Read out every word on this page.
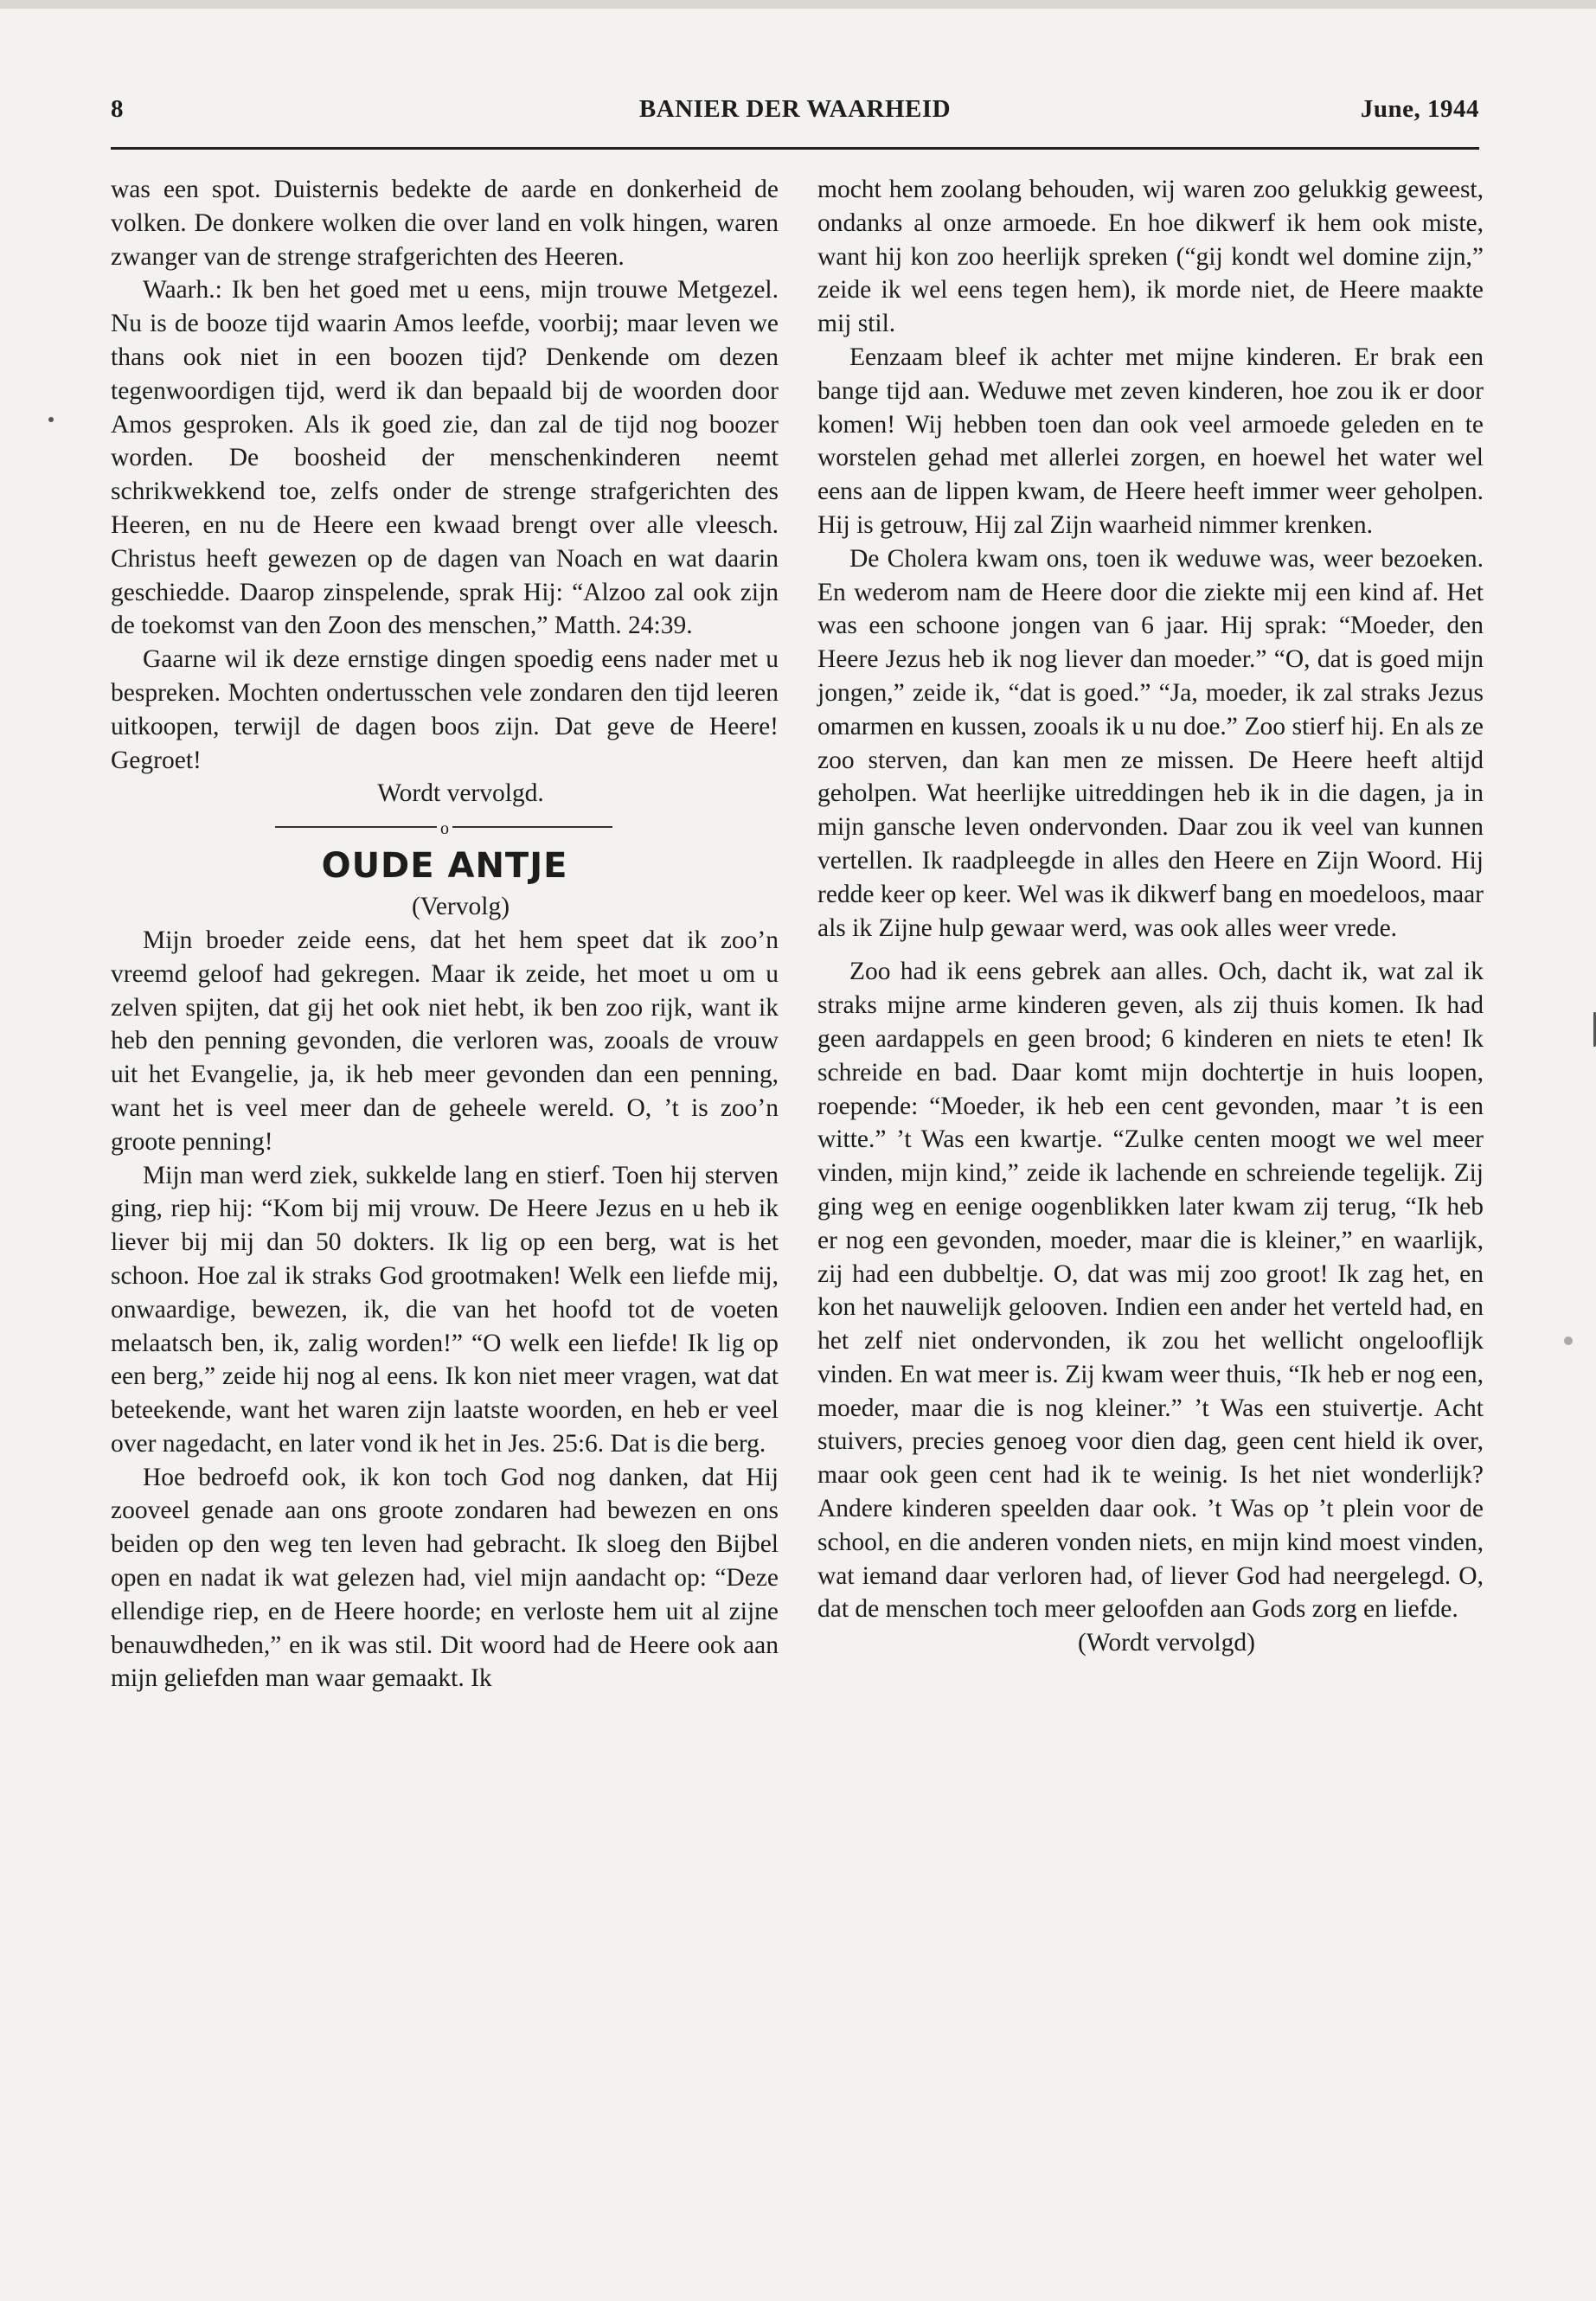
BANIER DER WAARHEID
8	June, 1944

was een spot. Duisternis bedekte de aarde en donkerheid de volken. De donkere wolken die over land en volk hingen, waren zwanger van de strenge strafgerichten des Heeren.

Waarh.: Ik ben het goed met u eens, mijn trouwe Metgezel. Nu is de booze tijd waarin Amos leefde, voorbij; maar leven we thans ook niet in een boozen tijd? Denkende om dezen tegenwoordigen tijd, werd ik dan bepaald bij de woorden door Amos gesproken. Als ik goed zie, dan zal de tijd nog boozer worden. De boosheid der menschenkinderen neemt schrikwekkend toe, zelfs onder de strenge strafgerichten des Heeren, en nu de Heere een kwaad brengt over alle vleesch. Christus heeft gewezen op de dagen van Noach en wat daarin geschiedde. Daarop zinspelende, sprak Hij: “Alzoo zal ook zijn de toekomst van den Zoon des menschen,” Matth. 24:39.

Gaarne wil ik deze ernstige dingen spoedig eens nader met u bespreken. Mochten ondertusschen vele zondaren den tijd leeren uitkoopen, terwijl de dagen boos zijn. Dat geve de Heere! Gegroet!

Wordt vervolgd.

o
OUDE ANTJE

(Vervolg)

Mijn broeder zeide eens, dat het hem speet dat ik zoo’n vreemd geloof had gekregen. Maar ik zeide, het moet u om u zelven spijten, dat gij het ook niet hebt, ik ben zoo rijk, want ik heb den penning gevonden, die verloren was, zooals de vrouw uit het Evangelie, ja, ik heb meer gevonden dan een penning, want het is veel meer dan de geheele wereld. O, ’t is zoo’n groote penning!

Mijn man werd ziek, sukkelde lang en stierf. Toen hij sterven ging, riep hij: “Kom bij mij vrouw. De Heere Jezus en u heb ik liever bij mij dan 50 dokters. Ik lig op een berg, wat is het schoon. Hoe zal ik straks God grootmaken! Welk een liefde mij, onwaardige, bewezen, ik, die van het hoofd tot de voeten melaatsch ben, ik, zalig worden!” “O welk een liefde! Ik lig op een berg,” zeide hij nog al eens. Ik kon niet meer vragen, wat dat beteekende, want het waren zijn laatste woorden, en heb er veel over nagedacht, en later vond ik het in Jes. 25:6. Dat is die berg.

Hoe bedroefd ook, ik kon toch God nog danken, dat Hij zooveel genade aan ons groote zondaren had bewezen en ons beiden op den weg ten leven had gebracht. Ik sloeg den Bijbel open en nadat ik wat gelezen had, viel mijn aandacht op: “Deze ellendige riep, en de Heere hoorde; en verloste hem uit al zijne benauwdheden,” en ik was stil. Dit woord had de Heere ook aan mijn geliefden man waar gemaakt. Ik

mocht hem zoolang behouden, wij waren zoo gelukkig geweest, ondanks al onze armoede. En hoe dikwerf ik hem ook miste, want hij kon zoo heerlijk spreken (“gij kondt wel domine zijn,” zeide ik wel eens tegen hem), ik morde niet, de Heere maakte mij stil.

Eenzaam bleef ik achter met mijne kinderen. Er brak een bange tijd aan. Weduwe met zeven kinderen, hoe zou ik er door komen! Wij hebben toen dan ook veel armoede geleden en te worstelen gehad met allerlei zorgen, en hoewel het water wel eens aan de lippen kwam, de Heere heeft immer weer geholpen. Hij is getrouw, Hij zal Zijn waarheid nimmer krenken.

De Cholera kwam ons, toen ik weduwe was, weer bezoeken. En wederom nam de Heere door die ziekte mij een kind af. Het was een schoone jongen van 6 jaar. Hij sprak: “Moeder, den Heere Jezus heb ik nog liever dan moeder.” “O, dat is goed mijn jongen,” zeide ik, “dat is goed.” “Ja, moeder, ik zal straks Jezus omarmen en kussen, zooals ik u nu doe.” Zoo stierf hij. En als ze zoo sterven, dan kan men ze missen. De Heere heeft altijd geholpen. Wat heerlijke uitreddingen heb ik in die dagen, ja in mijn gansche leven ondervonden. Daar zou ik veel van kunnen vertellen. Ik raadpleegde in alles den Heere en Zijn Woord. Hij redde keer op keer. Wel was ik dikwerf bang en moedeloos, maar als ik Zijne hulp gewaar werd, was ook alles weer vrede.

Zoo had ik eens gebrek aan alles. Och, dacht ik, wat zal ik straks mijne arme kinderen geven, als zij thuis komen. Ik had geen aardappels en geen brood; 6 kinderen en niets te eten! Ik schreide en bad. Daar komt mijn dochtertje in huis loopen, roepende: “Moeder, ik heb een cent gevonden, maar ’t is een witte.” ’t Was een kwartje. “Zulke centen moogt we wel meer vinden, mijn kind,” zeide ik lachende en schreiende tegelijk. Zij ging weg en eenige oogenblikken later kwam zij terug, “Ik heb er nog een gevonden, moeder, maar die is kleiner,” en waarlijk, zij had een dubbeltje. O, dat was mij zoo groot! Ik zag het, en kon het nauwelijk gelooven. Indien een ander het verteld had, en het zelf niet ondervonden, ik zou het wellicht ongelooflijk vinden. En wat meer is. Zij kwam weer thuis, “Ik heb er nog een, moeder, maar die is nog kleiner.” ’t Was een stuivertje. Acht stuivers, precies genoeg voor dien dag, geen cent hield ik over, maar ook geen cent had ik te weinig. Is het niet wonderlijk? Andere kinderen speelden daar ook. ’t Was op ’t plein voor de school, en die anderen vonden niets, en mijn kind moest vinden, wat iemand daar verloren had, of liever God had neergelegd. O, dat de menschen toch meer geloofden aan Gods zorg en liefde.

(Wordt vervolgd)
